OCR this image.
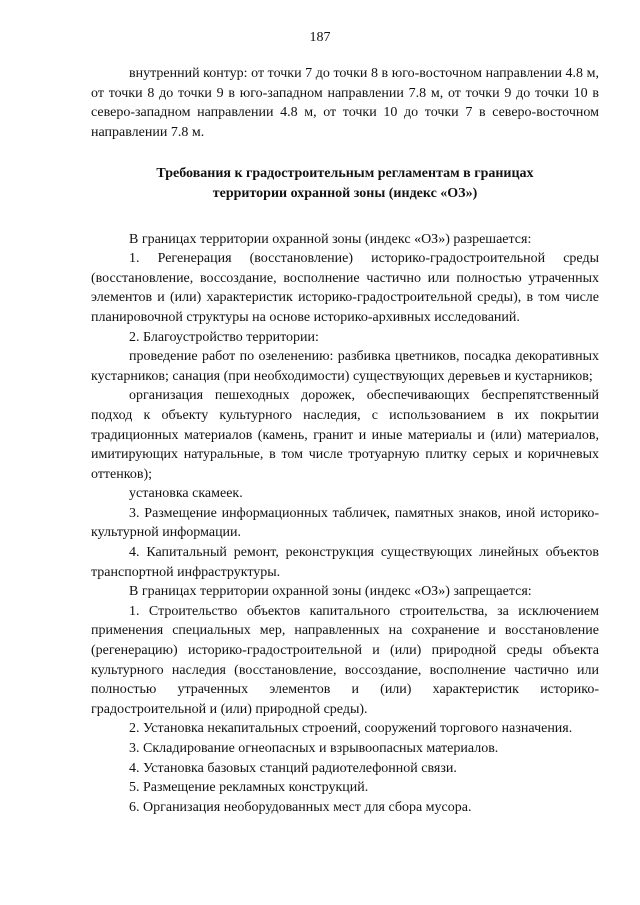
187

внутренний контур: от точки 7 до точки 8 в юго-восточном направлении 4.8 м, от точки 8 до точки 9 в юго-западном направлении 7.8 м, от точки 9 до точки 10 в северо-западном направлении 4.8 м, от точки 10 до точки 7 в северо-восточном направлении 7.8 м.

Требования к градостроительным регламентам в границах
территории охранной зоны (индекс «ОЗ»)

В границах территории охранной зоны (индекс «ОЗ») разрешается:

1. Регенерация (восстановление) историко-градостроительной среды (восстановление, воссоздание, восполнение частично или полностью утраченных элементов и (или) характеристик историко-градостроительной среды), в том числе планировочной структуры на основе историко-архивных исследований.

2. Благоустройство территории:

проведение работ по озеленению: разбивка цветников, посадка декоративных кустарников; санация (при необходимости) существующих деревьев и кустарников;

организация пешеходных дорожек, обеспечивающих беспрепятственный подход к объекту культурного наследия, с использованием в их покрытии традиционных материалов (камень, гранит и иные материалы и (или) материалов, имитирующих натуральные, в том числе тротуарную плитку серых и коричневых оттенков);

установка скамеек.

3. Размещение информационных табличек, памятных знаков, иной историко-культурной информации.

4. Капитальный ремонт, реконструкция существующих линейных объектов транспортной инфраструктуры.

В границах территории охранной зоны (индекс «ОЗ») запрещается:

1. Строительство объектов капитального строительства, за исключением применения специальных мер, направленных на сохранение и восстановление (регенерацию) историко-градостроительной и (или) природной среды объекта культурного наследия (восстановление, воссоздание, восполнение частично или полностью утраченных элементов и (или) характеристик историко-градостроительной и (или) природной среды).

2. Установка некапитальных строений, сооружений торгового назначения.

3. Складирование огнеопасных и взрывоопасных материалов.

4. Установка базовых станций радиотелефонной связи.

5. Размещение рекламных конструкций.

6. Организация необорудованных мест для сбора мусора.
